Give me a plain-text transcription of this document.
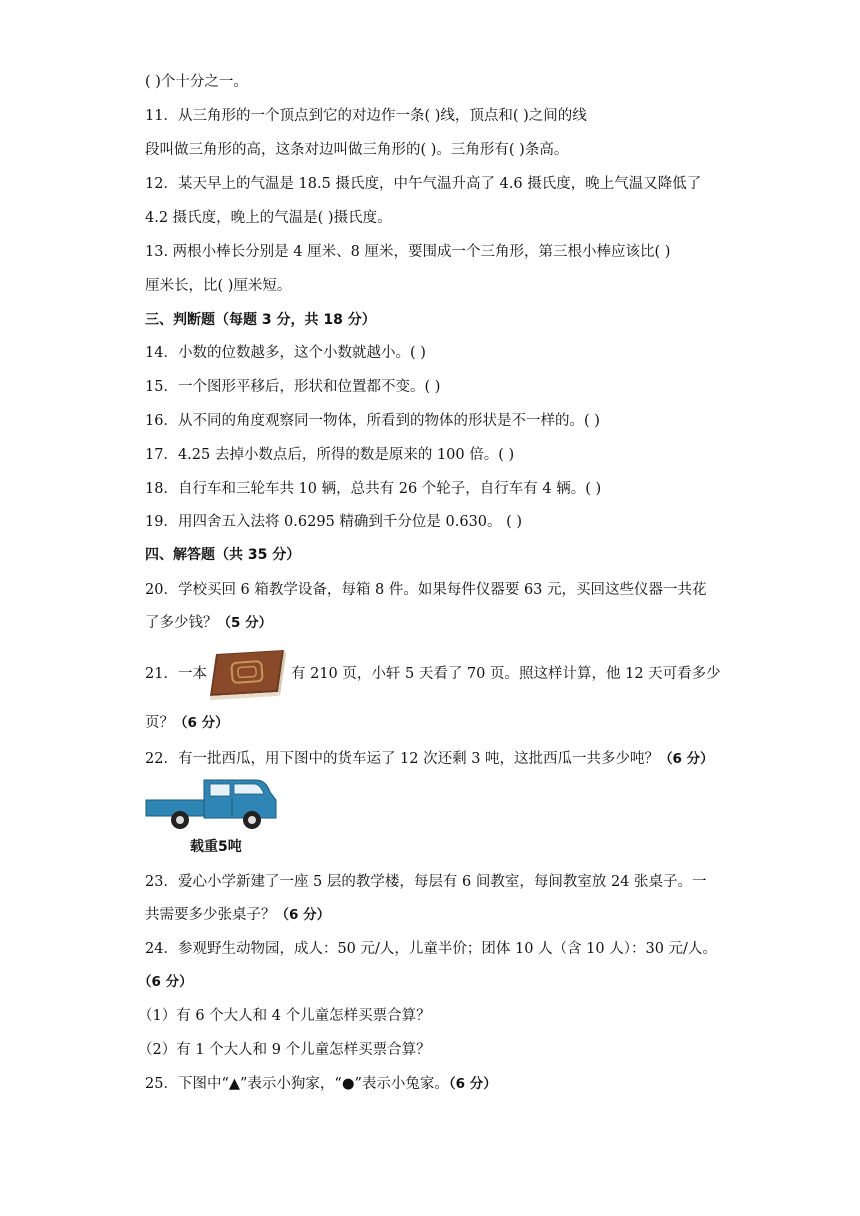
( )个十分之一。
11．从三角形的一个顶点到它的对边作一条( )线，顶点和( )之间的线
段叫做三角形的高，这条对边叫做三角形的( )。三角形有( )条高。
12．某天早上的气温是 18.5 摄氏度，中午气温升高了 4.6 摄氏度，晚上气温又降低了
4.2 摄氏度，晚上的气温是( )摄氏度。
13. 两根小棒长分别是 4 厘米、8 厘米，要围成一个三角形，第三根小棒应该比( )
厘米长，比( )厘米短。
三、判断题（每题 3 分，共 18 分）
14．小数的位数越多，这个小数就越小。( )
15．一个图形平移后，形状和位置都不变。( )
16．从不同的角度观察同一物体，所看到的物体的形状是不一样的。( )
17．4.25 去掉小数点后，所得的数是原来的 100 倍。( )
18．自行车和三轮车共 10 辆，总共有 26 个轮子，自行车有 4 辆。( )
19．用四舍五入法将 0.6295 精确到千分位是 0.630。 ( )
四、解答题（共 35 分）
20．学校买回 6 箱教学设备，每箱 8 件。如果每件仪器要 63 元，买回这些仪器一共花
了多少钱？（5 分）
21．一本	有 210 页，小轩 5 天看了 70 页。照这样计算，他 12 天可看多少
页？（6 分）
22．有一批西瓜，用下图中的货车运了 12 次还剩 3 吨，这批西瓜一共多少吨？（6 分）
载重5吨
23．爱心小学新建了一座 5 层的教学楼，每层有 6 间教室，每间教室放 24 张桌子。一
共需要多少张桌子？（6 分）
24．参观野生动物园，成人：50 元/人，儿童半价；团体 10 人（含 10 人）：30 元/人。
（6 分）
（1）有 6 个大人和 4 个儿童怎样买票合算？
（2）有 1 个大人和 9 个儿童怎样买票合算？
25．下图中“▲”表示小狗家，“●”表示小兔家。（6 分）
